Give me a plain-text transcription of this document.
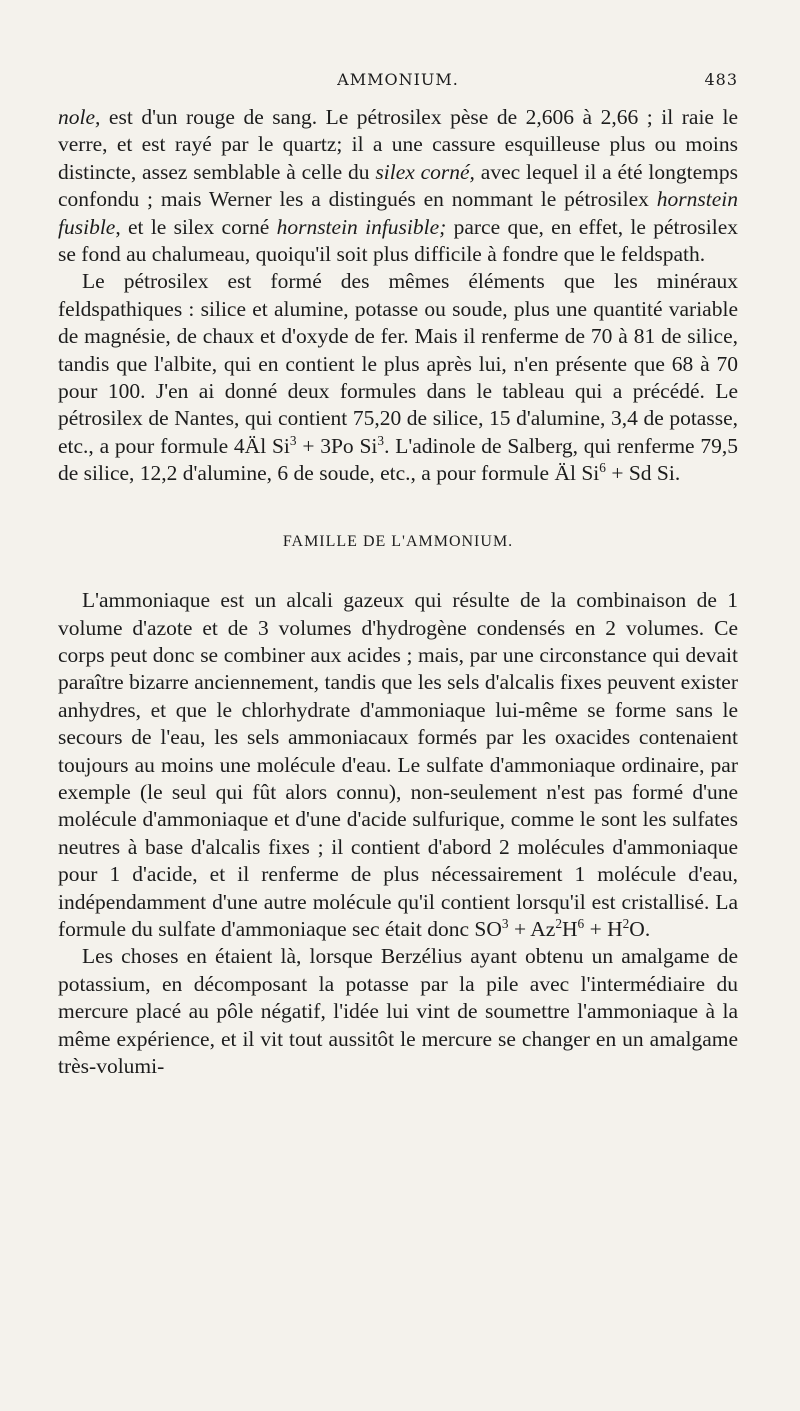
AMMONIUM.	483

nole, est d'un rouge de sang. Le pétrosilex pèse de 2,606 à 2,66 ; il raie le verre, et est rayé par le quartz; il a une cassure esquilleuse plus ou moins distincte, assez semblable à celle du silex corné, avec lequel il a été longtemps confondu ; mais Werner les a distingués en nommant le pétrosilex hornstein fusible, et le silex corné hornstein infusible; parce que, en effet, le pétrosilex se fond au chalumeau, quoiqu'il soit plus difficile à fondre que le feldspath.

Le pétrosilex est formé des mêmes éléments que les minéraux feldspathiques : silice et alumine, potasse ou soude, plus une quantité variable de magnésie, de chaux et d'oxyde de fer. Mais il renferme de 70 à 81 de silice, tandis que l'albite, qui en contient le plus après lui, n'en présente que 68 à 70 pour 100. J'en ai donné deux formules dans le tableau qui a précédé. Le pétrosilex de Nantes, qui contient 75,20 de silice, 15 d'alumine, 3,4 de potasse, etc., a pour formule 4Äl $Si^3 + 3Po$ Si$^3$. L'adinole de Salberg, qui renferme 79,5 de silice, 12,2 d'alumine, 6 de soude, etc., a pour formule Äl $Si^6 + Sd$ Si.

FAMILLE DE L'AMMONIUM.

L'ammoniaque est un alcali gazeux qui résulte de la combinaison de 1 volume d'azote et de 3 volumes d'hydrogène condensés en 2 volumes. Ce corps peut donc se combiner aux acides ; mais, par une circonstance qui devait paraître bizarre anciennement, tandis que les sels d'alcalis fixes peuvent exister anhydres, et que le chlorhydrate d'ammoniaque lui-même se forme sans le secours de l'eau, les sels ammoniacaux formés par les oxacides contenaient toujours au moins une molécule d'eau. Le sulfate d'ammoniaque ordinaire, par exemple (le seul qui fût alors connu), non-seulement n'est pas formé d'une molécule d'ammoniaque et d'une d'acide sulfurique, comme le sont les sulfates neutres à base d'alcalis fixes ; il contient d'abord 2 molécules d'ammoniaque pour 1 d'acide, et il renferme de plus nécessairement 1 molécule d'eau, indépendamment d'une autre molécule qu'il contient lorsqu'il est cristallisé. La formule du sulfate d'ammoniaque sec était donc $SO^3 + Az^2H^6 + H^2O$.

Les choses en étaient là, lorsque Berzélius ayant obtenu un amalgame de potassium, en décomposant la potasse par la pile avec l'intermédiaire du mercure placé au pôle négatif, l'idée lui vint de soumettre l'ammoniaque à la même expérience, et il vit tout aussitôt le mercure se changer en un amalgame très-volumi-
